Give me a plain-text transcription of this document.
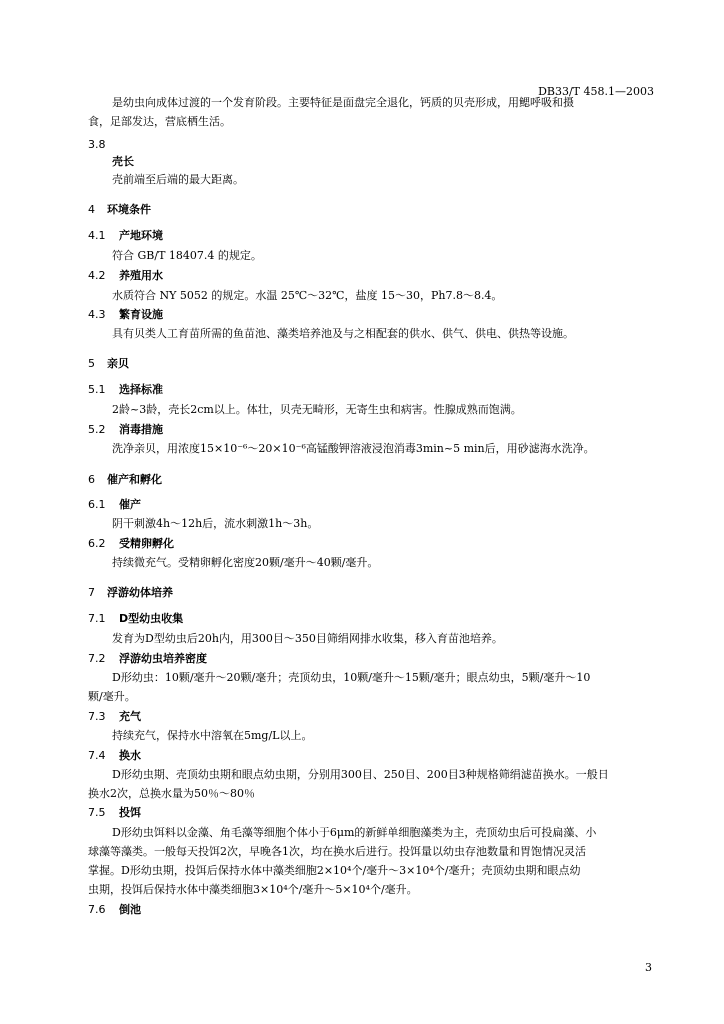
DB33/T 458.1—2003
是幼虫向成体过渡的一个发育阶段。主要特征是面盘完全退化，钙质的贝壳形成，用鳃呼吸和摄
食，足部发达，营底栖生活。
3.8
壳长
壳前端至后端的最大距离。
4 环境条件
4.1 产地环境
符合 GB/T 18407.4 的规定。
4.2 养殖用水
水质符合 NY 5052 的规定。水温 25℃～32℃，盐度 15～30，Ph7.8～8.4。
4.3 繁育设施
具有贝类人工育苗所需的鱼苗池、藻类培养池及与之相配套的供水、供气、供电、供热等设施。
5 亲贝
5.1 选择标准
2龄~3龄，壳长2cm以上。体壮，贝壳无畸形，无寄生虫和病害。性腺成熟而饱满。
5.2 消毒措施
洗净亲贝，用浓度15×10⁻⁶～20×10⁻⁶高锰酸钾溶液浸泡消毒3min~5 min后，用砂滤海水洗净。
6 催产和孵化
6.1 催产
阴干刺激4h～12h后，流水刺激1h～3h。
6.2 受精卵孵化
持续微充气。受精卵孵化密度20颗/毫升～40颗/毫升。
7 浮游幼体培养
7.1 D型幼虫收集
发育为D型幼虫后20h内，用300目～350目筛绢网排水收集，移入育苗池培养。
7.2 浮游幼虫培养密度
D形幼虫：10颗/毫升～20颗/毫升；壳顶幼虫，10颗/毫升～15颗/毫升；眼点幼虫，5颗/毫升～10
颗/毫升。
7.3 充气
持续充气，保持水中溶氧在5mg/L以上。
7.4 换水
D形幼虫期、壳顶幼虫期和眼点幼虫期，分别用300目、250目、200目3种规格筛绢滤苗换水。一般日
换水2次，总换水量为50％～80％
7.5 投饵
D形幼虫饵料以金藻、角毛藻等细胞个体小于6μm的新鲜单细胞藻类为主，壳顶幼虫后可投扁藻、小
球藻等藻类。一般每天投饵2次，早晚各1次，均在换水后进行。投饵量以幼虫存池数量和胃饱情况灵活
掌握。D形幼虫期，投饵后保持水体中藻类细胞2×10⁴个/毫升～3×10⁴个/毫升；壳顶幼虫期和眼点幼
虫期，投饵后保持水体中藻类细胞3×10⁴个/毫升～5×10⁴个/毫升。
7.6 倒池
3
